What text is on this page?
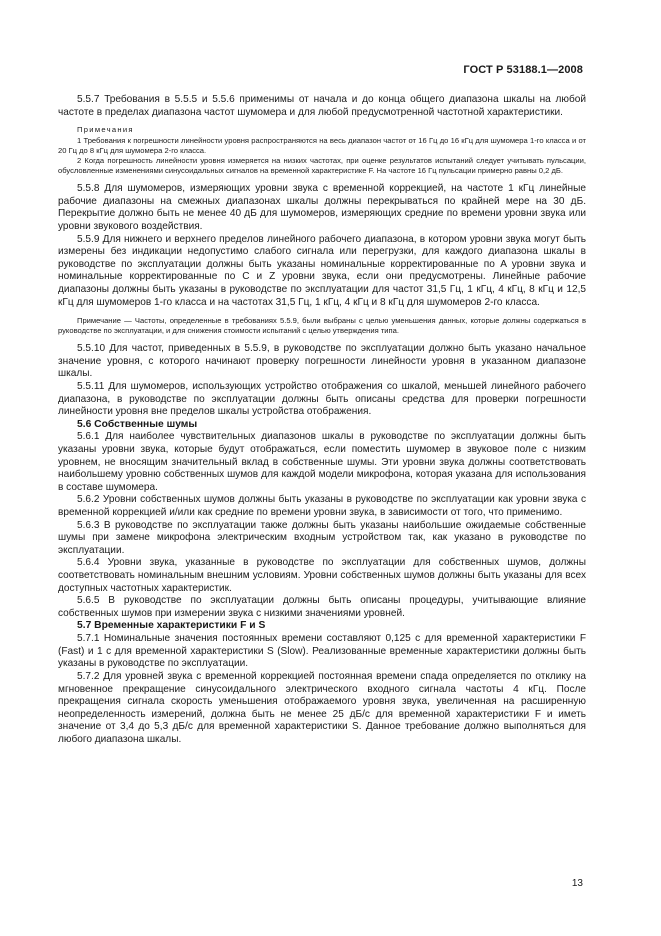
ГОСТ Р 53188.1—2008

5.5.7 Требования в 5.5.5 и 5.5.6 применимы от начала и до конца общего диапазона шкалы на любой частоте в пределах диапазона частот шумомера и для любой предусмотренной частотной характеристики.

Примечания

1 Требования к погрешности линейности уровня распространяются на весь диапазон частот от 16 Гц до 16 кГц для шумомера 1-го класса и от 20 Гц до 8 кГц для шумомера 2-го класса.

2 Когда погрешность линейности уровня измеряется на низких частотах, при оценке результатов испытаний следует учитывать пульсации, обусловленные изменениями синусоидальных сигналов на временной характеристике F. На частоте 16 Гц пульсации примерно равны 0,2 дБ.

5.5.8 Для шумомеров, измеряющих уровни звука с временной коррекцией, на частоте 1 кГц линейные рабочие диапазоны на смежных диапазонах шкалы должны перекрываться по крайней мере на 30 дБ. Перекрытие должно быть не менее 40 дБ для шумомеров, измеряющих средние по времени уровни звука или уровни звукового воздействия.

5.5.9 Для нижнего и верхнего пределов линейного рабочего диапазона, в котором уровни звука могут быть измерены без индикации недопустимо слабого сигнала или перегрузки, для каждого диапазона шкалы в руководстве по эксплуатации должны быть указаны номинальные корректированные по A уровни звука и номинальные корректированные по C и Z уровни звука, если они предусмотрены. Линейные рабочие диапазоны должны быть указаны в руководстве по эксплуатации для частот 31,5 Гц, 1 кГц, 4 кГц, 8 кГц и 12,5 кГц для шумомеров 1-го класса и на частотах 31,5 Гц, 1 кГц, 4 кГц и 8 кГц для шумомеров 2-го класса.

Примечание — Частоты, определенные в требованиях 5.5.9, были выбраны с целью уменьшения данных, которые должны содержаться в руководстве по эксплуатации, и для снижения стоимости испытаний с целью утверждения типа.

5.5.10 Для частот, приведенных в 5.5.9, в руководстве по эксплуатации должно быть указано начальное значение уровня, с которого начинают проверку погрешности линейности уровня в указанном диапазоне шкалы.

5.5.11 Для шумомеров, использующих устройство отображения со шкалой, меньшей линейного рабочего диапазона, в руководстве по эксплуатации должны быть описаны средства для проверки погрешности линейности уровня вне пределов шкалы устройства отображения.

5.6 Собственные шумы

5.6.1 Для наиболее чувствительных диапазонов шкалы в руководстве по эксплуатации должны быть указаны уровни звука, которые будут отображаться, если поместить шумомер в звуковое поле с низким уровнем, не вносящим значительный вклад в собственные шумы. Эти уровни звука должны соответствовать наибольшему уровню собственных шумов для каждой модели микрофона, которая указана для использования в составе шумомера.

5.6.2 Уровни собственных шумов должны быть указаны в руководстве по эксплуатации как уровни звука с временной коррекцией и/или как средние по времени уровни звука, в зависимости от того, что применимо.

5.6.3 В руководстве по эксплуатации также должны быть указаны наибольшие ожидаемые собственные шумы при замене микрофона электрическим входным устройством так, как указано в руководстве по эксплуатации.

5.6.4 Уровни звука, указанные в руководстве по эксплуатации для собственных шумов, должны соответствовать номинальным внешним условиям. Уровни собственных шумов должны быть указаны для всех доступных частотных характеристик.

5.6.5 В руководстве по эксплуатации должны быть описаны процедуры, учитывающие влияние собственных шумов при измерении звука с низкими значениями уровней.

5.7 Временные характеристики F и S

5.7.1 Номинальные значения постоянных времени составляют 0,125 с для временной характеристики F (Fast) и 1 с для временной характеристики S (Slow). Реализованные временные характеристики должны быть указаны в руководстве по эксплуатации.

5.7.2 Для уровней звука с временной коррекцией постоянная времени спада определяется по отклику на мгновенное прекращение синусоидального электрического входного сигнала частоты 4 кГц. После прекращения сигнала скорость уменьшения отображаемого уровня звука, увеличенная на расширенную неопределенность измерений, должна быть не менее 25 дБ/с для временной характеристики F и иметь значение от 3,4 до 5,3 дБ/с для временной характеристики S. Данное требование должно выполняться для любого диапазона шкалы.

13
